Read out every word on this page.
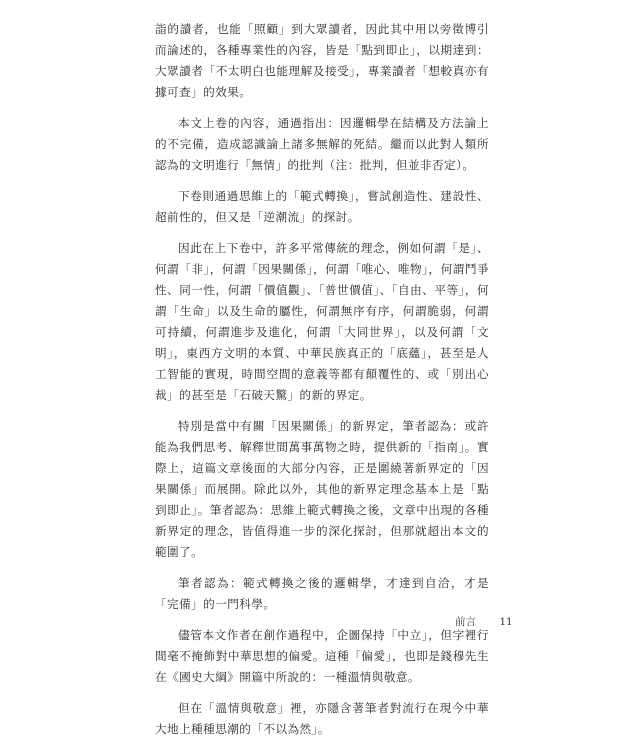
詣的讀者，也能「照顧」到大眾讀者，因此其中用以旁徵博引而論述的，各種專業性的內容，皆是「點到即止」，以期達到：大眾讀者「不太明白也能理解及接受」，專業讀者「想較真亦有據可查」的效果。

本文上卷的內容，通過指出：因邏輯學在結構及方法論上的不完備，造成認識論上諸多無解的死結。繼而以此對人類所認為的文明進行「無情」的批判（注：批判，但並非否定）。

下卷則通過思維上的「範式轉換」，嘗試創造性、建設性、超前性的，但又是「逆潮流」的探討。

因此在上下卷中，許多平常傳統的理念，例如何謂「是」、何謂「非」，何謂「因果關係」，何謂「唯心、唯物」，何謂鬥爭性、同一性，何謂「價值觀」、「普世價值」、「自由、平等」，何謂「生命」以及生命的屬性，何謂無序有序，何謂脆弱，何謂可持續，何謂進步及進化，何謂「大同世界」，以及何謂「文明」，東西方文明的本質、中華民族真正的「底蘊」，甚至是人工智能的實現，時間空間的意義等都有顛覆性的、或「別出心裁」的甚至是「石破天驚」的新的界定。

特別是當中有關「因果關係」的新界定，筆者認為：或許能為我們思考、解釋世間萬事萬物之時，提供新的「指南」。實際上，這篇文章後面的大部分內容，正是圍繞著新界定的「因果關係」而展開。除此以外，其他的新界定理念基本上是「點到即止」。筆者認為：思維上範式轉換之後，文章中出現的各種新界定的理念，皆值得進一步的深化探討，但那就超出本文的範圍了。

筆者認為：範式轉換之後的邏輯學，才達到自洽，才是「完備」的一門科學。

儘管本文作者在創作過程中，企圖保持「中立」，但字裡行間毫不掩飾對中華思想的偏愛。這種「偏愛」，也即是錢穆先生在《國史大綱》開篇中所說的：一種溫情與敬意。

但在「溫情與敬意」裡，亦隱含著筆者對流行在現今中華大地上種種思潮的「不以為然」。

前言 11
